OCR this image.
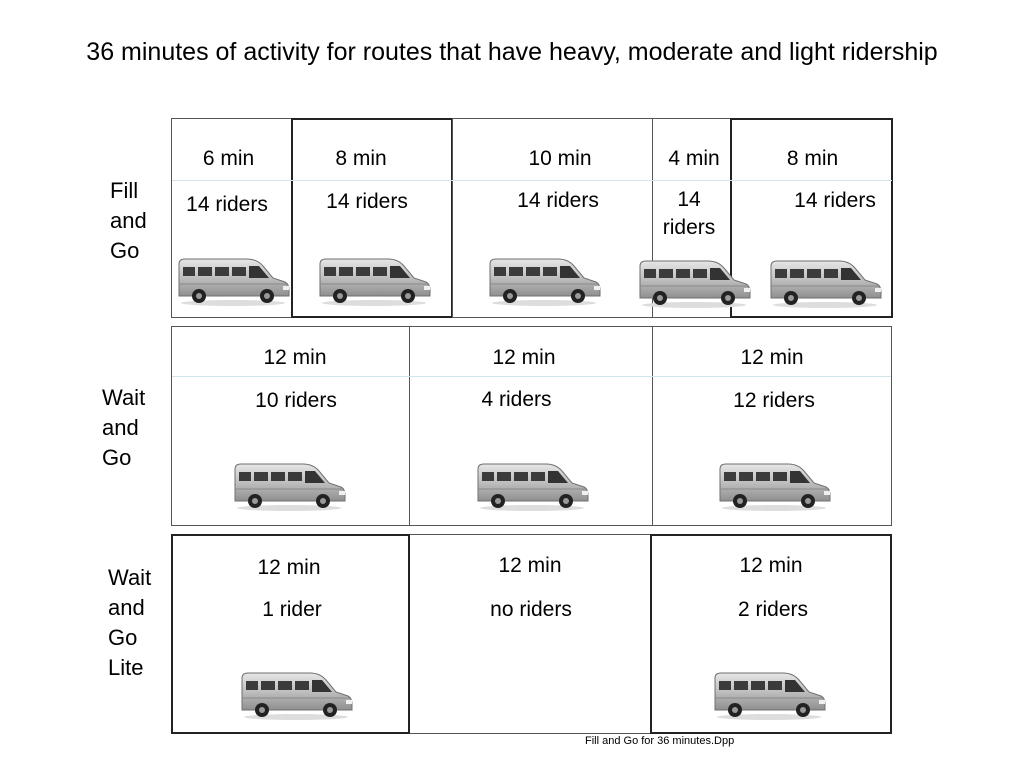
36 minutes of activity for routes that have heavy, moderate and light ridership
Fill
and
Go
Wait
and
Go
Wait
and
Go
Lite
6 min
14 riders
8 min
14 riders
10 min
14 riders
4 min
14
riders
8 min
14 riders
12 min
10 riders
12 min
4 riders
12 min
12 riders
12 min
1 rider
12 min
no riders
12 min
2 riders
Fill and Go for 36 minutes.Dpp
